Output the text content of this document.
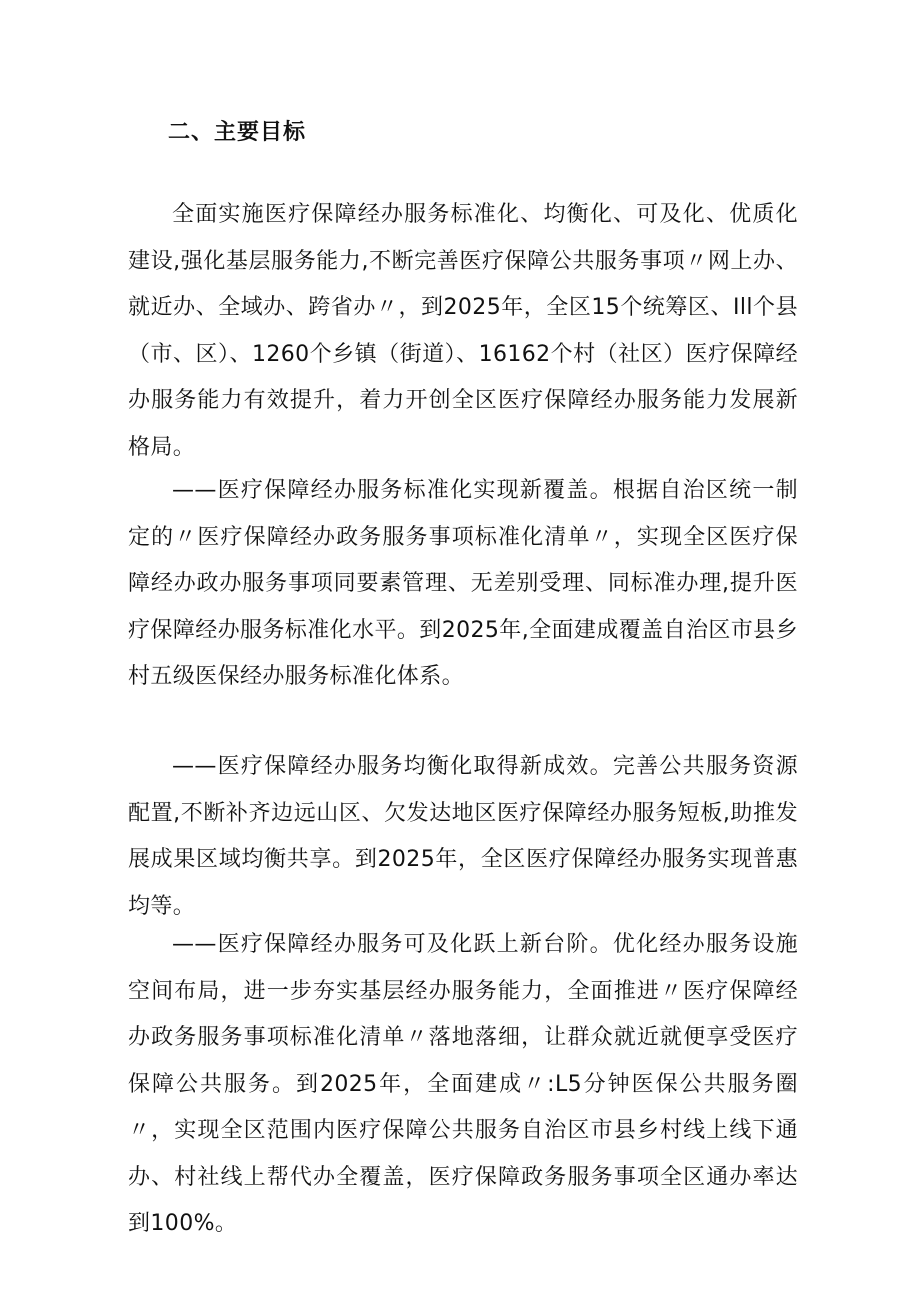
二、主要目标

全面实施医疗保障经办服务标准化、均衡化、可及化、优质化建设,强化基层服务能力,不断完善医疗保障公共服务事项〃网上办、就近办、全域办、跨省办〃，到2025年，全区15个统筹区、Ill个县（市、区）、1260个乡镇（街道）、16162个村（社区）医疗保障经办服务能力有效提升，着力开创全区医疗保障经办服务能力发展新格局。

——医疗保障经办服务标准化实现新覆盖。根据自治区统一制定的〃医疗保障经办政务服务事项标准化清单〃，实现全区医疗保障经办政办服务事项同要素管理、无差别受理、同标准办理,提升医疗保障经办服务标准化水平。到2025年,全面建成覆盖自治区市县乡村五级医保经办服务标准化体系。

——医疗保障经办服务均衡化取得新成效。完善公共服务资源配置,不断补齐边远山区、欠发达地区医疗保障经办服务短板,助推发展成果区域均衡共享。到2025年，全区医疗保障经办服务实现普惠均等。

——医疗保障经办服务可及化跃上新台阶。优化经办服务设施空间布局，进一步夯实基层经办服务能力，全面推进〃医疗保障经办政务服务事项标准化清单〃落地落细，让群众就近就便享受医疗保障公共服务。到2025年，全面建成〃:L5分钟医保公共服务圈〃，实现全区范围内医疗保障公共服务自治区市县乡村线上线下通办、村社线上帮代办全覆盖，医疗保障政务服务事项全区通办率达到100%。
